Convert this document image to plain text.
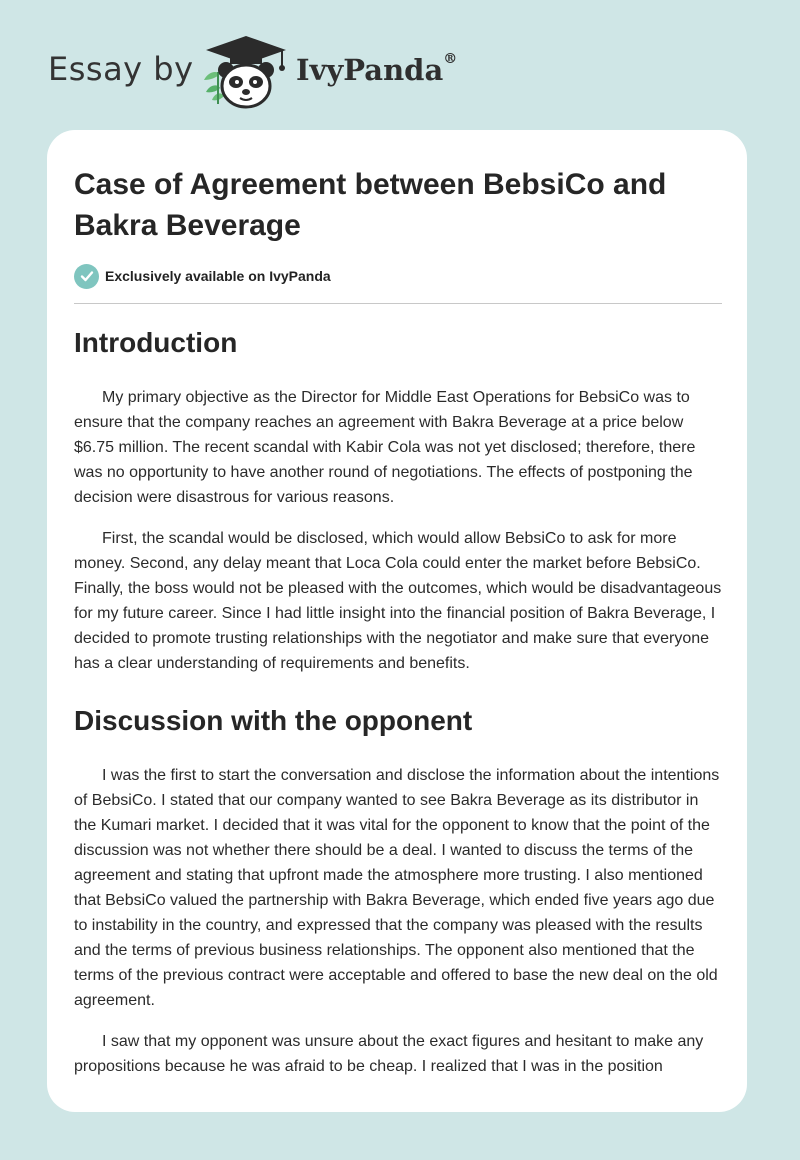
Essay by	IvyPanda®
Case of Agreement between BebsiCo and Bakra Beverage
Exclusively available on IvyPanda
Introduction

My primary objective as the Director for Middle East Operations for BebsiCo was to ensure that the company reaches an agreement with Bakra Beverage at a price below $6.75 million. The recent scandal with Kabir Cola was not yet disclosed; therefore, there was no opportunity to have another round of negotiations. The effects of postponing the decision were disastrous for various reasons.

First, the scandal would be disclosed, which would allow BebsiCo to ask for more money. Second, any delay meant that Loca Cola could enter the market before BebsiCo. Finally, the boss would not be pleased with the outcomes, which would be disadvantageous for my future career. Since I had little insight into the financial position of Bakra Beverage, I decided to promote trusting relationships with the negotiator and make sure that everyone has a clear understanding of requirements and benefits.

Discussion with the opponent

I was the first to start the conversation and disclose the information about the intentions of BebsiCo. I stated that our company wanted to see Bakra Beverage as its distributor in the Kumari market. I decided that it was vital for the opponent to know that the point of the discussion was not whether there should be a deal. I wanted to discuss the terms of the agreement and stating that upfront made the atmosphere more trusting. I also mentioned that BebsiCo valued the partnership with Bakra Beverage, which ended five years ago due to instability in the country, and expressed that the company was pleased with the results and the terms of previous business relationships. The opponent also mentioned that the terms of the previous contract were acceptable and offered to base the new deal on the old agreement.

I saw that my opponent was unsure about the exact figures and hesitant to make any propositions because he was afraid to be cheap. I realized that I was in the position
